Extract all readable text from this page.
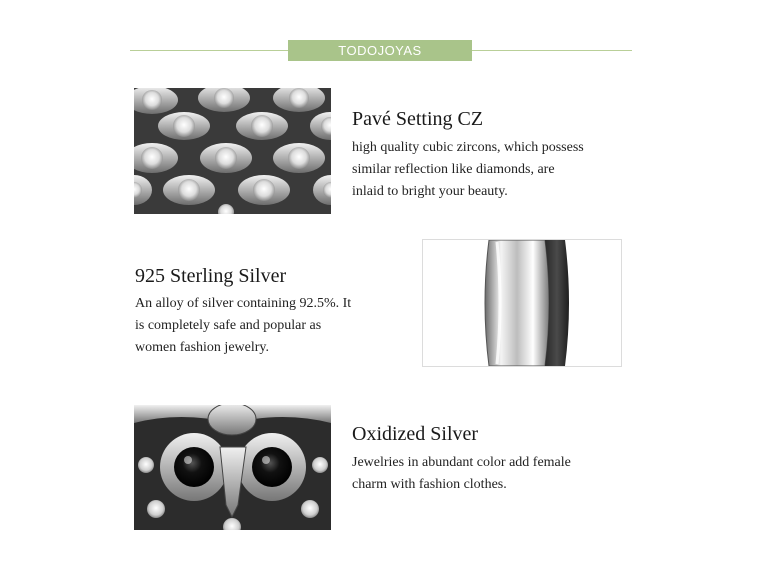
TODOJOYAS
Pavé Setting CZ
high quality cubic zircons, which possess
similar reflection like diamonds, are
inlaid to bright your beauty.
925 Sterling Silver
An alloy of silver containing 92.5%. It
is completely safe and popular as
women fashion jewelry.
Oxidized Silver
Jewelries in abundant color add female
charm with fashion clothes.
